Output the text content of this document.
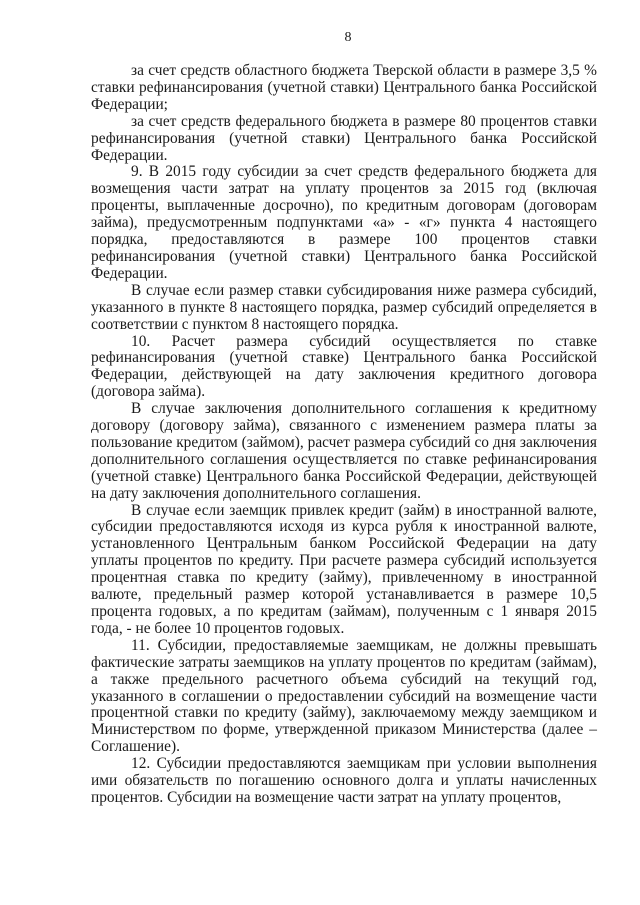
8

за счет средств областного бюджета Тверской области в размере 3,5 % ставки рефинансирования (учетной ставки) Центрального банка Российской Федерации;

за счет средств федерального бюджета в размере 80 процентов ставки рефинансирования (учетной ставки) Центрального банка Российской Федерации.

9. В 2015 году субсидии за счет средств федерального бюджета для возмещения части затрат на уплату процентов за 2015 год (включая проценты, выплаченные досрочно), по кредитным договорам (договорам займа), предусмотренным подпунктами «а» - «г» пункта 4 настоящего порядка, предоставляются в размере 100 процентов ставки рефинансирования (учетной ставки) Центрального банка Российской Федерации.

В случае если размер ставки субсидирования ниже размера субсидий, указанного в пункте 8 настоящего порядка, размер субсидий определяется в соответствии с пунктом 8 настоящего порядка.

10. Расчет размера субсидий осуществляется по ставке рефинансирования (учетной ставке) Центрального банка Российской Федерации, действующей на дату заключения кредитного договора (договора займа).

В случае заключения дополнительного соглашения к кредитному договору (договору займа), связанного с изменением размера платы за пользование кредитом (займом), расчет размера субсидий со дня заключения дополнительного соглашения осуществляется по ставке рефинансирования (учетной ставке) Центрального банка Российской Федерации, действующей на дату заключения дополнительного соглашения.

В случае если заемщик привлек кредит (займ) в иностранной валюте, субсидии предоставляются исходя из курса рубля к иностранной валюте, установленного Центральным банком Российской Федерации на дату уплаты процентов по кредиту. При расчете размера субсидий используется процентная ставка по кредиту (займу), привлеченному в иностранной валюте, предельный размер которой устанавливается в размере 10,5 процента годовых, а по кредитам (займам), полученным с 1 января 2015 года, - не более 10 процентов годовых.

11. Субсидии, предоставляемые заемщикам, не должны превышать фактические затраты заемщиков на уплату процентов по кредитам (займам), а также предельного расчетного объема субсидий на текущий год, указанного в соглашении о предоставлении субсидий на возмещение части процентной ставки по кредиту (займу), заключаемому между заемщиком и Министерством по форме, утвержденной приказом Министерства (далее – Соглашение).

12. Субсидии предоставляются заемщикам при условии выполнения ими обязательств по погашению основного долга и уплаты начисленных процентов. Субсидии на возмещение части затрат на уплату процентов,
